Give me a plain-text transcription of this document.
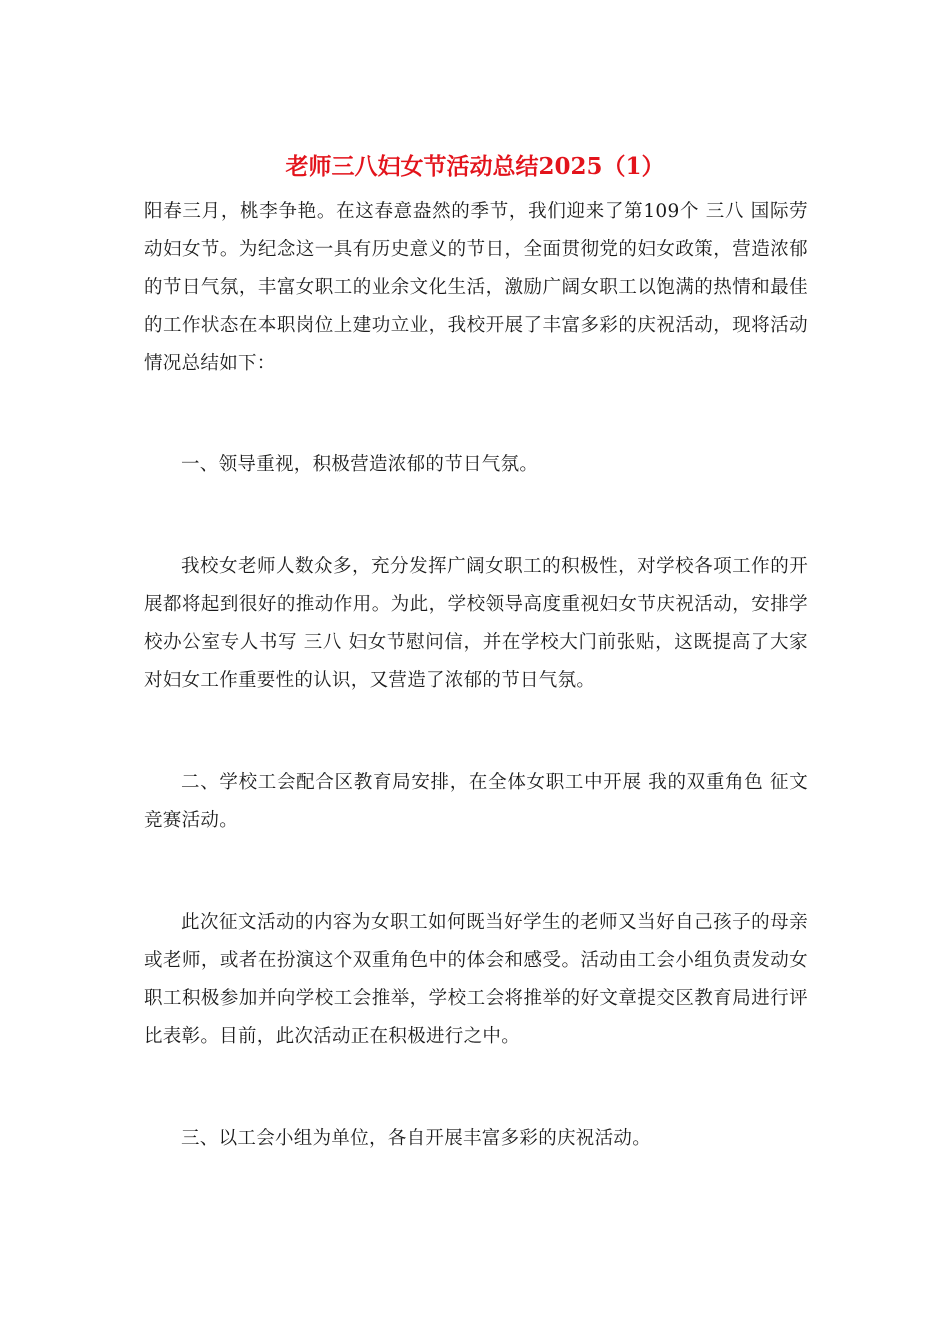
老师三八妇女节活动总结2025（1）

阳春三月，桃李争艳。在这春意盎然的季节，我们迎来了第109个 三八 国际劳动妇女节。为纪念这一具有历史意义的节日，全面贯彻党的妇女政策，营造浓郁的节日气氛，丰富女职工的业余文化生活，激励广阔女职工以饱满的热情和最佳的工作状态在本职岗位上建功立业，我校开展了丰富多彩的庆祝活动，现将活动情况总结如下：

一、领导重视，积极营造浓郁的节日气氛。

我校女老师人数众多，充分发挥广阔女职工的积极性，对学校各项工作的开展都将起到很好的推动作用。为此，学校领导高度重视妇女节庆祝活动，安排学校办公室专人书写 三八 妇女节慰问信，并在学校大门前张贴，这既提高了大家对妇女工作重要性的认识，又营造了浓郁的节日气氛。

二、学校工会配合区教育局安排，在全体女职工中开展 我的双重角色 征文竞赛活动。

此次征文活动的内容为女职工如何既当好学生的老师又当好自己孩子的母亲或老师，或者在扮演这个双重角色中的体会和感受。活动由工会小组负责发动女职工积极参加并向学校工会推举，学校工会将推举的好文章提交区教育局进行评比表彰。目前，此次活动正在积极进行之中。

三、以工会小组为单位，各自开展丰富多彩的庆祝活动。
